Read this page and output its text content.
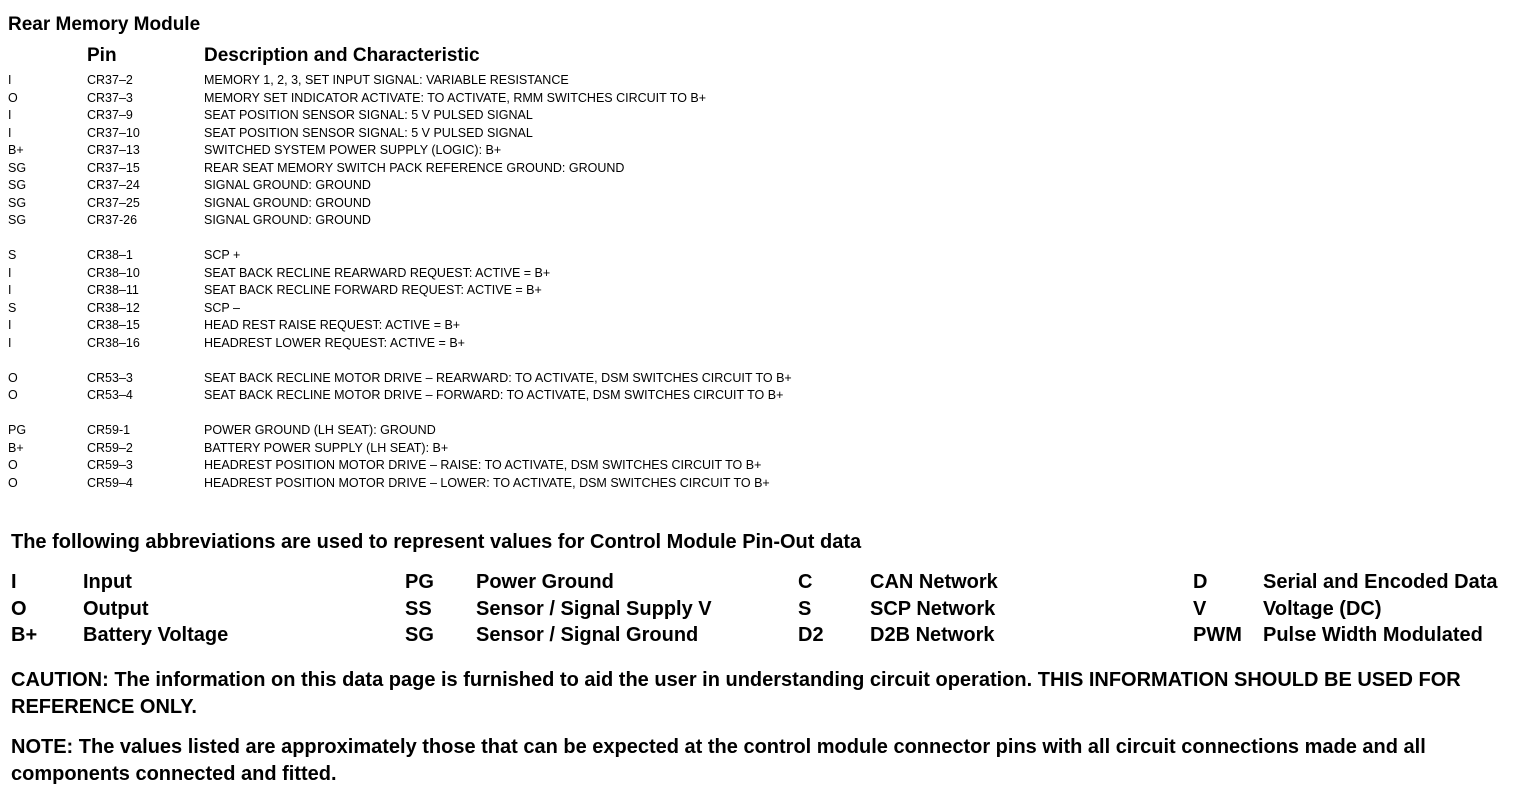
Rear Memory Module
Pin	Description and Characteristic
I	CR37–2	MEMORY 1, 2, 3, SET INPUT SIGNAL: VARIABLE RESISTANCE
O	CR37–3	MEMORY SET INDICATOR ACTIVATE: TO ACTIVATE, RMM SWITCHES CIRCUIT TO B+
I	CR37–9	SEAT POSITION SENSOR SIGNAL: 5 V PULSED SIGNAL
I	CR37–10	SEAT POSITION SENSOR SIGNAL: 5 V PULSED SIGNAL
B+	CR37–13	SWITCHED SYSTEM POWER SUPPLY (LOGIC): B+
SG	CR37–15	REAR SEAT MEMORY SWITCH PACK REFERENCE GROUND: GROUND
SG	CR37–24	SIGNAL GROUND: GROUND
SG	CR37–25	SIGNAL GROUND: GROUND
SG	CR37-26	SIGNAL GROUND: GROUND
S	CR38–1	SCP +
I	CR38–10	SEAT BACK RECLINE REARWARD REQUEST: ACTIVE = B+
I	CR38–11	SEAT BACK RECLINE FORWARD REQUEST: ACTIVE = B+
S	CR38–12	SCP –
I	CR38–15	HEAD REST RAISE REQUEST: ACTIVE = B+
I	CR38–16	HEADREST LOWER REQUEST: ACTIVE = B+
O	CR53–3	SEAT BACK RECLINE MOTOR DRIVE – REARWARD: TO ACTIVATE, DSM SWITCHES CIRCUIT TO B+
O	CR53–4	SEAT BACK RECLINE MOTOR DRIVE – FORWARD: TO ACTIVATE, DSM SWITCHES CIRCUIT TO B+
PG	CR59-1	POWER GROUND (LH SEAT): GROUND
B+	CR59–2	BATTERY POWER SUPPLY (LH SEAT): B+
O	CR59–3	HEADREST POSITION MOTOR DRIVE – RAISE: TO ACTIVATE, DSM SWITCHES CIRCUIT TO B+
O	CR59–4	HEADREST POSITION MOTOR DRIVE – LOWER: TO ACTIVATE, DSM SWITCHES CIRCUIT TO B+
The following abbreviations are used to represent values for Control Module Pin-Out data
I	Input	PG Power Ground	C	CAN Network	D	Serial and Encoded Data
O	Output	SS Sensor / Signal Supply V	S	SCP Network	V	Voltage (DC)
B+ Battery Voltage	SG Sensor / Signal Ground	D2 D2B Network	PWM Pulse Width Modulated
CAUTION: The information on this data page is furnished to aid the user in understanding circuit operation. THIS INFORMATION SHOULD BE USED FOR REFERENCE ONLY.
NOTE: The values listed are approximately those that can be expected at the control module connector pins with all circuit connections made and all components connected and fitted.
